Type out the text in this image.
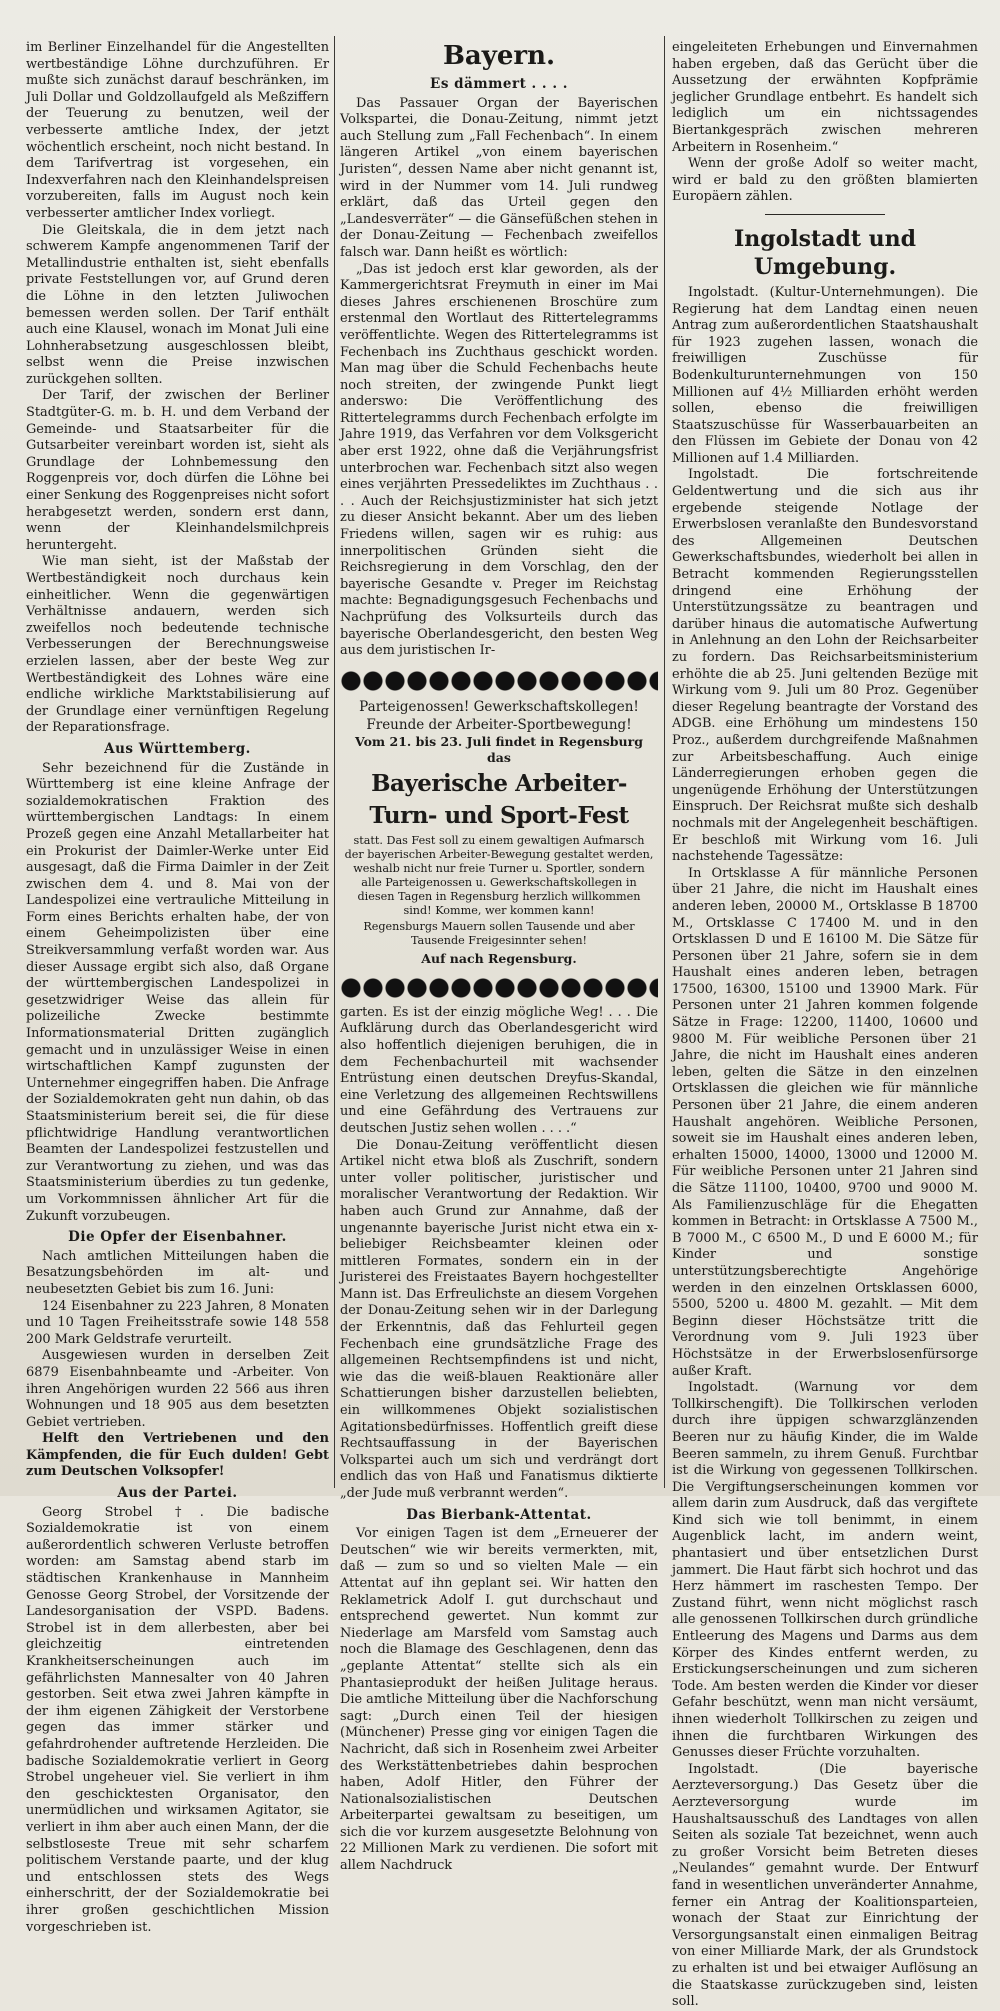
im Berliner Einzelhandel für die Angestellten wertbeständige Löhne durchzuführen. Er mußte sich zunächst darauf beschränken, im Juli Dollar und Goldzollaufgeld als Meßziffern der Teuerung zu benutzen, weil der verbesserte amtliche Index, der jetzt wöchentlich erscheint, noch nicht bestand. In dem Tarifvertrag ist vorgesehen, ein Indexverfahren nach den Kleinhandelspreisen vorzubereiten, falls im August noch kein verbesserter amtlicher Index vorliegt.

Die Gleitskala, die in dem jetzt nach schwerem Kampfe angenommenen Tarif der Metallindustrie enthalten ist, sieht ebenfalls private Feststellungen vor, auf Grund deren die Löhne in den letzten Juliwochen bemessen werden sollen. Der Tarif enthält auch eine Klausel, wonach im Monat Juli eine Lohnherabsetzung ausgeschlossen bleibt, selbst wenn die Preise inzwischen zurückgehen sollten.

Der Tarif, der zwischen der Berliner Stadtgüter-G. m. b. H. und dem Verband der Gemeinde- und Staatsarbeiter für die Gutsarbeiter vereinbart worden ist, sieht als Grundlage der Lohnbemessung den Roggenpreis vor, doch dürfen die Löhne bei einer Senkung des Roggenpreises nicht sofort herabgesetzt werden, sondern erst dann, wenn der Kleinhandelsmilchpreis heruntergeht.

Wie man sieht, ist der Maßstab der Wertbeständigkeit noch durchaus kein einheitlicher. Wenn die gegenwärtigen Verhältnisse andauern, werden sich zweifellos noch bedeutende technische Verbesserungen der Berechnungsweise erzielen lassen, aber der beste Weg zur Wertbeständigkeit des Lohnes wäre eine endliche wirkliche Marktstabilisierung auf der Grundlage einer vernünftigen Regelung der Reparationsfrage.

Aus Württemberg.

Sehr bezeichnend für die Zustände in Württemberg ist eine kleine Anfrage der sozialdemokratischen Fraktion des württembergischen Landtags: In einem Prozeß gegen eine Anzahl Metallarbeiter hat ein Prokurist der Daimler-Werke unter Eid ausgesagt, daß die Firma Daimler in der Zeit zwischen dem 4. und 8. Mai von der Landespolizei eine vertrauliche Mitteilung in Form eines Berichts erhalten habe, der von einem Geheimpolizisten über eine Streikversammlung verfaßt worden war. Aus dieser Aussage ergibt sich also, daß Organe der württembergischen Landespolizei in gesetzwidriger Weise das allein für polizeiliche Zwecke bestimmte Informationsmaterial Dritten zugänglich gemacht und in unzulässiger Weise in einen wirtschaftlichen Kampf zugunsten der Unternehmer eingegriffen haben. Die Anfrage der Sozialdemokraten geht nun dahin, ob das Staatsministerium bereit sei, die für diese pflichtwidrige Handlung verantwortlichen Beamten der Landespolizei festzustellen und zur Verantwortung zu ziehen, und was das Staatsministerium überdies zu tun gedenke, um Vorkommnissen ähnlicher Art für die Zukunft vorzubeugen.

Die Opfer der Eisenbahner.

Nach amtlichen Mitteilungen haben die Besatzungsbehörden im alt- und neubesetzten Gebiet bis zum 16. Juni:

124 Eisenbahner zu 223 Jahren, 8 Monaten und 10 Tagen Freiheitsstrafe sowie 148 558 200 Mark Geldstrafe verurteilt.

Ausgewiesen wurden in derselben Zeit 6879 Eisenbahnbeamte und -Arbeiter. Von ihren Angehörigen wurden 22 566 aus ihren Wohnungen und 18 905 aus dem besetzten Gebiet vertrieben.

Helft den Vertriebenen und den Kämpfenden, die für Euch dulden! Gebt zum Deutschen Volksopfer!

Aus der Partei.

Georg Strobel †. Die badische Sozialdemokratie ist von einem außerordentlich schweren Verluste betroffen worden: am Samstag abend starb im städtischen Krankenhause in Mannheim Genosse Georg Strobel, der Vorsitzende der Landesorganisation der VSPD. Badens. Strobel ist in dem allerbesten, aber bei gleichzeitig eintretenden Krankheitserscheinungen auch im gefährlichsten Mannesalter von 40 Jahren gestorben. Seit etwa zwei Jahren kämpfte in der ihm eigenen Zähigkeit der Verstorbene gegen das immer stärker und gefahrdrohender auftretende Herzleiden. Die badische Sozialdemokratie verliert in Georg Strobel ungeheuer viel. Sie verliert in ihm den geschicktesten Organisator, den unermüdlichen und wirksamen Agitator, sie verliert in ihm aber auch einen Mann, der die selbstloseste Treue mit sehr scharfem politischem Verstande paarte, und der klug und entschlossen stets des Wegs einherschritt, der der Sozialdemokratie bei ihrer großen geschichtlichen Mission vorgeschrieben ist.

Bayern.
Es dämmert . . . .

Das Passauer Organ der Bayerischen Volkspartei, die Donau-Zeitung, nimmt jetzt auch Stellung zum „Fall Fechenbach“. In einem längeren Artikel „von einem bayerischen Juristen“, dessen Name aber nicht genannt ist, wird in der Nummer vom 14. Juli rundweg erklärt, daß das Urteil gegen den „Landesverräter“ — die Gänsefüßchen stehen in der Donau-Zeitung — Fechenbach zweifellos falsch war. Dann heißt es wörtlich:

„Das ist jedoch erst klar geworden, als der Kammergerichtsrat Freymuth in einer im Mai dieses Jahres erschienenen Broschüre zum erstenmal den Wortlaut des Rittertelegramms veröffentlichte. Wegen des Rittertelegramms ist Fechenbach ins Zuchthaus geschickt worden. Man mag über die Schuld Fechenbachs heute noch streiten, der zwingende Punkt liegt anderswo: Die Veröffentlichung des Rittertelegramms durch Fechenbach erfolgte im Jahre 1919, das Verfahren vor dem Volksgericht aber erst 1922, ohne daß die Verjährungsfrist unterbrochen war. Fechenbach sitzt also wegen eines verjährten Pressedeliktes im Zuchthaus . . . . Auch der Reichsjustizminister hat sich jetzt zu dieser Ansicht bekannt. Aber um des lieben Friedens willen, sagen wir es ruhig: aus innerpolitischen Gründen sieht die Reichsregierung in dem Vorschlag, den der bayerische Gesandte v. Preger im Reichstag machte: Begnadigungsgesuch Fechenbachs und Nachprüfung des Volksurteils durch das bayerische Oberlandesgericht, den besten Weg aus dem juristischen Ir-

Parteigenossen! Gewerkschaftskollegen! Freunde der Arbeiter-Sportbewegung!
Vom 21. bis 23. Juli findet in Regensburg das
Bayerische Arbeiter-Turn- und Sport-Fest

statt. Das Fest soll zu einem gewaltigen Aufmarsch der bayerischen Arbeiter-Bewegung gestaltet werden, weshalb nicht nur freie Turner u. Sportler, sondern alle Parteigenossen u. Gewerkschaftskollegen in diesen Tagen in Regensburg herzlich willkommen sind! Komme, wer kommen kann!

Regensburgs Mauern sollen Tausende und aber Tausende Freigesinnter sehen!
Auf nach Regensburg.

garten. Es ist der einzig mögliche Weg! . . . Die Aufklärung durch das Oberlandesgericht wird also hoffentlich diejenigen beruhigen, die in dem Fechenbachurteil mit wachsender Entrüstung einen deutschen Dreyfus-Skandal, eine Verletzung des allgemeinen Rechtswillens und eine Gefährdung des Vertrauens zur deutschen Justiz sehen wollen . . . .“

Die Donau-Zeitung veröffentlicht diesen Artikel nicht etwa bloß als Zuschrift, sondern unter voller politischer, juristischer und moralischer Verantwortung der Redaktion. Wir haben auch Grund zur Annahme, daß der ungenannte bayerische Jurist nicht etwa ein x-beliebiger Reichsbeamter kleinen oder mittleren Formates, sondern ein in der Juristerei des Freistaates Bayern hochgestellter Mann ist. Das Erfreulichste an diesem Vorgehen der Donau-Zeitung sehen wir in der Darlegung der Erkenntnis, daß das Fehlurteil gegen Fechenbach eine grundsätzliche Frage des allgemeinen Rechtsempfindens ist und nicht, wie das die weiß-blauen Reaktionäre aller Schattierungen bisher darzustellen beliebten, ein willkommenes Objekt sozialistischen Agitationsbedürfnisses. Hoffentlich greift diese Rechtsauffassung in der Bayerischen Volkspartei auch um sich und verdrängt dort endlich das von Haß und Fanatismus diktierte „der Jude muß verbrannt werden“.

Das Bierbank-Attentat.

Vor einigen Tagen ist dem „Erneuerer der Deutschen“ wie wir bereits vermerkten, mit, daß — zum so und so vielten Male — ein Attentat auf ihn geplant sei. Wir hatten den Reklametrick Adolf I. gut durchschaut und entsprechend gewertet. Nun kommt zur Niederlage am Marsfeld vom Samstag auch noch die Blamage des Geschlagenen, denn das „geplante Attentat“ stellte sich als ein Phantasieprodukt der heißen Julitage heraus. Die amtliche Mitteilung über die Nachforschung sagt: „Durch einen Teil der hiesigen (Münchener) Presse ging vor einigen Tagen die Nachricht, daß sich in Rosenheim zwei Arbeiter des Werkstättenbetriebes dahin besprochen haben, Adolf Hitler, den Führer der Nationalsozialistischen Deutschen Arbeiterpartei gewaltsam zu beseitigen, um sich die vor kurzem ausgesetzte Belohnung von 22 Millionen Mark zu verdienen. Die sofort mit allem Nachdruck

eingeleiteten Erhebungen und Einvernahmen haben ergeben, daß das Gerücht über die Aussetzung der erwähnten Kopfprämie jeglicher Grundlage entbehrt. Es handelt sich lediglich um ein nichtssagendes Biertankgespräch zwischen mehreren Arbeitern in Rosenheim.“

Wenn der große Adolf so weiter macht, wird er bald zu den größten blamierten Europäern zählen.

Ingolstadt und Umgebung.

Ingolstadt. (Kultur-Unternehmungen). Die Regierung hat dem Landtag einen neuen Antrag zum außerordentlichen Staatshaushalt für 1923 zugehen lassen, wonach die freiwilligen Zuschüsse für Bodenkulturunternehmungen von 150 Millionen auf 4½ Milliarden erhöht werden sollen, ebenso die freiwilligen Staatszuschüsse für Wasserbauarbeiten an den Flüssen im Gebiete der Donau von 42 Millionen auf 1.4 Milliarden.

Ingolstadt. Die fortschreitende Geldentwertung und die sich aus ihr ergebende steigende Notlage der Erwerbslosen veranlaßte den Bundesvorstand des Allgemeinen Deutschen Gewerkschaftsbundes, wiederholt bei allen in Betracht kommenden Regierungsstellen dringend eine Erhöhung der Unterstützungssätze zu beantragen und darüber hinaus die automatische Aufwertung in Anlehnung an den Lohn der Reichsarbeiter zu fordern. Das Reichsarbeitsministerium erhöhte die ab 25. Juni geltenden Bezüge mit Wirkung vom 9. Juli um 80 Proz. Gegenüber dieser Regelung beantragte der Vorstand des ADGB. eine Erhöhung um mindestens 150 Proz., außerdem durchgreifende Maßnahmen zur Arbeitsbeschaffung. Auch einige Länderregierungen erhoben gegen die ungenügende Erhöhung der Unterstützungen Einspruch. Der Reichsrat mußte sich deshalb nochmals mit der Angelegenheit beschäftigen. Er beschloß mit Wirkung vom 16. Juli nachstehende Tagessätze:

In Ortsklasse A für männliche Personen über 21 Jahre, die nicht im Haushalt eines anderen leben, 20000 M., Ortsklasse B 18700 M., Ortsklasse C 17400 M. und in den Ortsklassen D und E 16100 M. Die Sätze für Personen über 21 Jahre, sofern sie in dem Haushalt eines anderen leben, betragen 17500, 16300, 15100 und 13900 Mark. Für Personen unter 21 Jahren kommen folgende Sätze in Frage: 12200, 11400, 10600 und 9800 M. Für weibliche Personen über 21 Jahre, die nicht im Haushalt eines anderen leben, gelten die Sätze in den einzelnen Ortsklassen die gleichen wie für männliche Personen über 21 Jahre, die einem anderen Haushalt angehören. Weibliche Personen, soweit sie im Haushalt eines anderen leben, erhalten 15000, 14000, 13000 und 12000 M. Für weibliche Personen unter 21 Jahren sind die Sätze 11100, 10400, 9700 und 9000 M. Als Familienzuschläge für die Ehegatten kommen in Betracht: in Ortsklasse A 7500 M., B 7000 M., C 6500 M., D und E 6000 M.; für Kinder und sonstige unterstützungsberechtigte Angehörige werden in den einzelnen Ortsklassen 6000, 5500, 5200 u. 4800 M. gezahlt. — Mit dem Beginn dieser Höchstsätze tritt die Verordnung vom 9. Juli 1923 über Höchstsätze in der Erwerbslosenfürsorge außer Kraft.

Ingolstadt. (Warnung vor dem Tollkirschengift). Die Tollkirschen verloden durch ihre üppigen schwarzglänzenden Beeren nur zu häufig Kinder, die im Walde Beeren sammeln, zu ihrem Genuß. Furchtbar ist die Wirkung von gegessenen Tollkirschen. Die Vergiftungserscheinungen kommen vor allem darin zum Ausdruck, daß das vergiftete Kind sich wie toll benimmt, in einem Augenblick lacht, im andern weint, phantasiert und über entsetzlichen Durst jammert. Die Haut färbt sich hochrot und das Herz hämmert im raschesten Tempo. Der Zustand führt, wenn nicht möglichst rasch alle genossenen Tollkirschen durch gründliche Entleerung des Magens und Darms aus dem Körper des Kindes entfernt werden, zu Erstickungserscheinungen und zum sicheren Tode. Am besten werden die Kinder vor dieser Gefahr beschützt, wenn man nicht versäumt, ihnen wiederholt Tollkirschen zu zeigen und ihnen die furchtbaren Wirkungen des Genusses dieser Früchte vorzuhalten.

Ingolstadt. (Die bayerische Aerzteversorgung.) Das Gesetz über die Aerzteversorgung wurde im Haushaltsausschuß des Landtages von allen Seiten als soziale Tat bezeichnet, wenn auch zu großer Vorsicht beim Betreten dieses „Neulandes“ gemahnt wurde. Der Entwurf fand in wesentlichen unveränderter Annahme, ferner ein Antrag der Koalitionsparteien, wonach der Staat zur Einrichtung der Versorgungsanstalt einen einmaligen Beitrag von einer Milliarde Mark, der als Grundstock zu erhalten ist und bei etwaiger Auflösung an die Staatskasse zurückzugeben sind, leisten soll.
